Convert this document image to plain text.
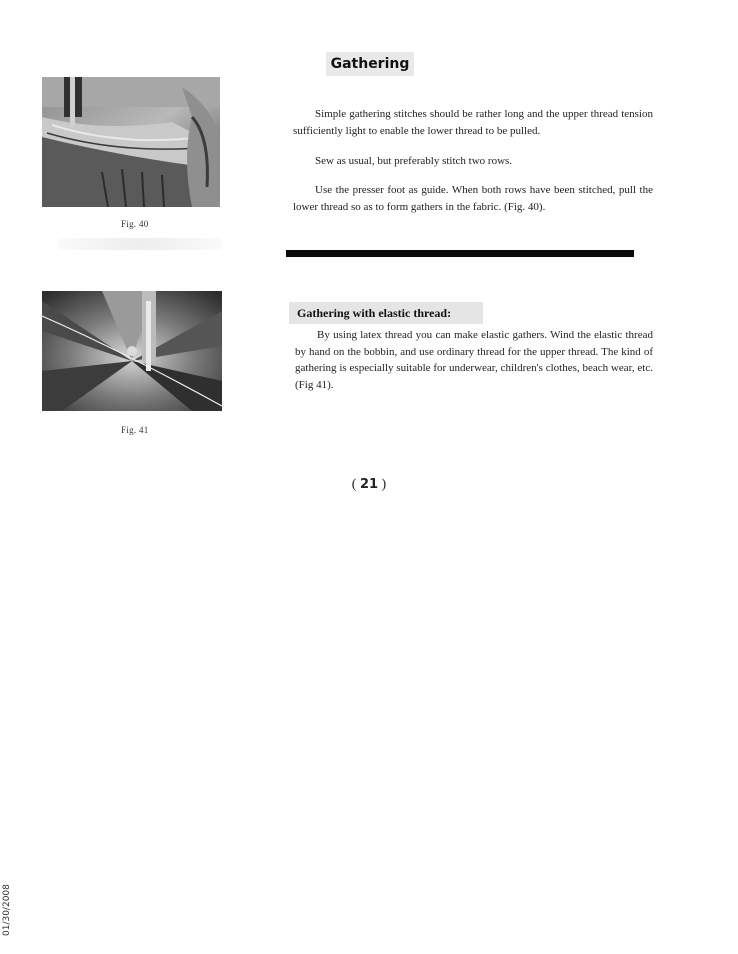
Fig. 40
Fig. 41
Gathering
Simple gathering stitches should be rather long and the upper thread tension sufficiently light to enable the lower thread to be pulled.
Sew as usual, but preferably stitch two rows.
Use the presser foot as guide. When both rows have been stitched, pull the lower thread so as to form gathers in the fabric. (Fig. 40).
Gathering with elastic thread:
By using latex thread you can make elastic gathers. Wind the elastic thread by hand on the bobbin, and use ordinary thread for the upper thread. The kind of gathering is especially suitable for underwear, children's clothes, beach wear, etc. (Fig 41).
( 21 )
01/30/2008
